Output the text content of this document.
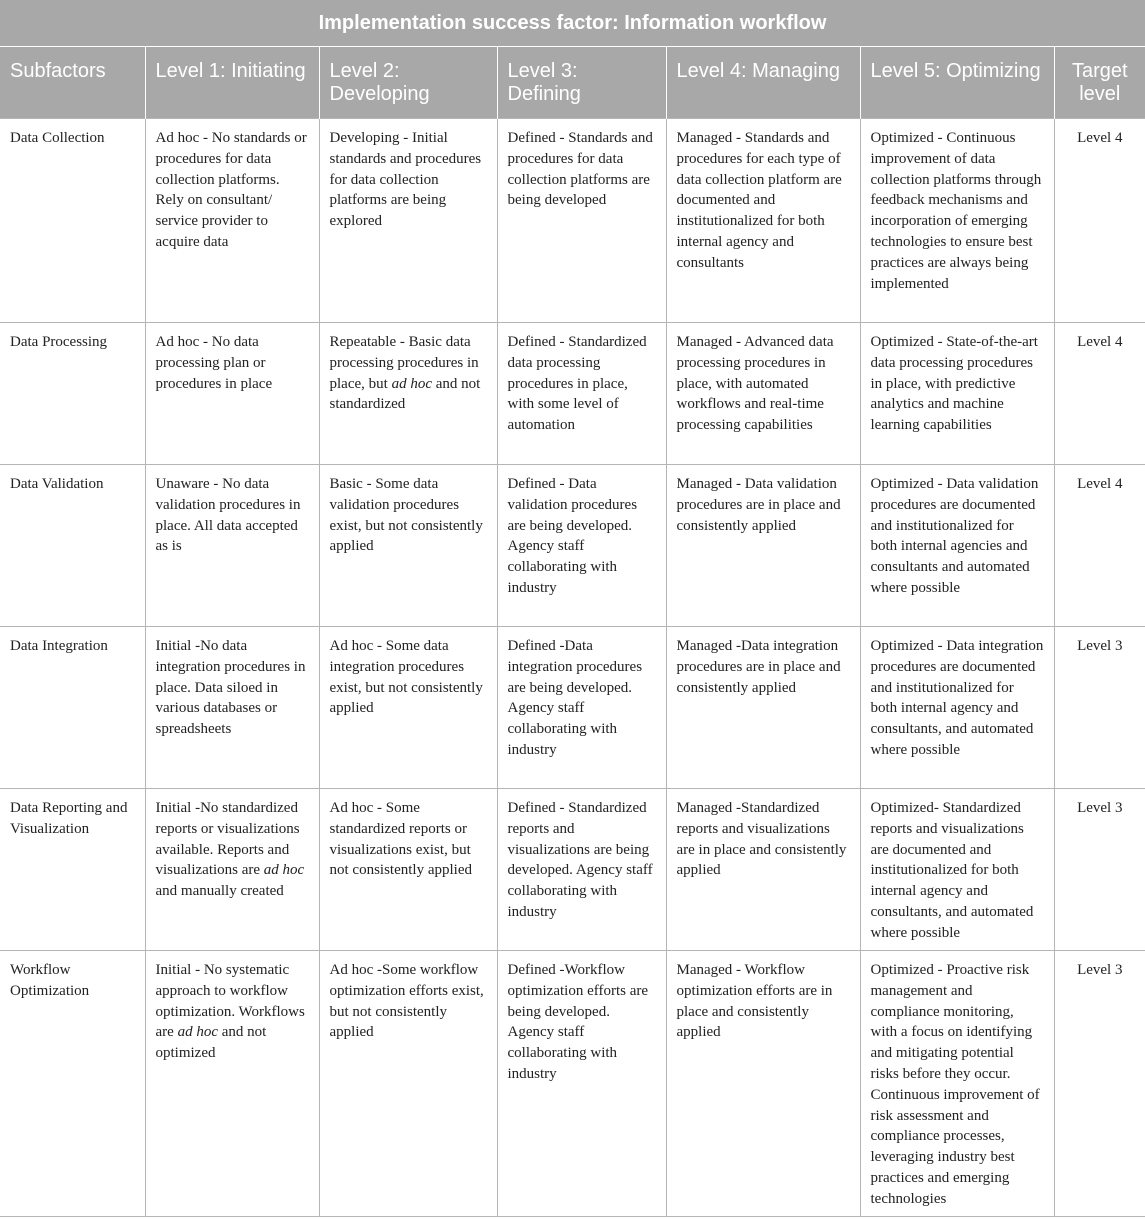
Implementation success factor: Information workflow						
Subfactors	Level 1: Initiating	Level 2: Developing	Level 3: Defining	Level 4: Managing	Level 5: Optimizing	Target level
Data Collection	Ad hoc - No standards or procedures for data collection platforms. Rely on consultant/ service provider to acquire data	Developing - Initial standards and procedures for data collection platforms are being explored	Defined - Standards and procedures for data collection platforms are being developed	Managed - Standards and procedures for each type of data collection platform are documented and institutionalized for both internal agency and consultants	Optimized - Continuous improvement of data collection platforms through feedback mechanisms and incorporation of emerging technologies to ensure best practices are always being implemented	Level 4
Data Processing	Ad hoc - No data processing plan or procedures in place	Repeatable - Basic data processing procedures in place, but ad hoc and not standardized	Defined - Standardized data processing procedures in place, with some level of automation	Managed - Advanced data processing procedures in place, with automated workflows and real-time processing capabilities	Optimized - State-of-the-art data processing procedures in place, with predictive analytics and machine learning capabilities	Level 4
Data Validation	Unaware - No data validation procedures in place. All data accepted as is	Basic - Some data validation procedures exist, but not consistently applied	Defined - Data validation procedures are being developed. Agency staff collaborating with industry	Managed - Data validation procedures are in place and consistently applied	Optimized - Data validation procedures are documented and institutionalized for both internal agencies and consultants and automated where possible	Level 4
Data Integration	Initial -No data integration procedures in place. Data siloed in various databases or spreadsheets	Ad hoc - Some data integration procedures exist, but not consistently applied	Defined -Data integration procedures are being developed. Agency staff collaborating with industry	Managed -Data integration procedures are in place and consistently applied	Optimized - Data integration procedures are documented and institutionalized for both internal agency and consultants, and automated where possible	Level 3
Data Reporting and Visualization	Initial -No standardized reports or visualizations available. Reports and visualizations are ad hoc and manually created	Ad hoc - Some standardized reports or visualizations exist, but not consistently applied	Defined - Standardized reports and visualizations are being developed. Agency staff collaborating with industry	Managed -Standardized reports and visualizations are in place and consistently applied	Optimized- Standardized reports and visualizations are documented and institutionalized for both internal agency and consultants, and automated where possible	Level 3
Workflow Optimization	Initial - No systematic approach to workflow optimization. Workflows are ad hoc and not optimized	Ad hoc -Some workflow optimization efforts exist, but not consistently applied	Defined -Workflow optimization efforts are being developed. Agency staff collaborating with industry	Managed - Workflow optimization efforts are in place and consistently applied	Optimized - Proactive risk management and compliance monitoring, with a focus on identifying and mitigating potential risks before they occur. Continuous improvement of risk assessment and compliance processes, leveraging industry best practices and emerging technologies	Level 3
